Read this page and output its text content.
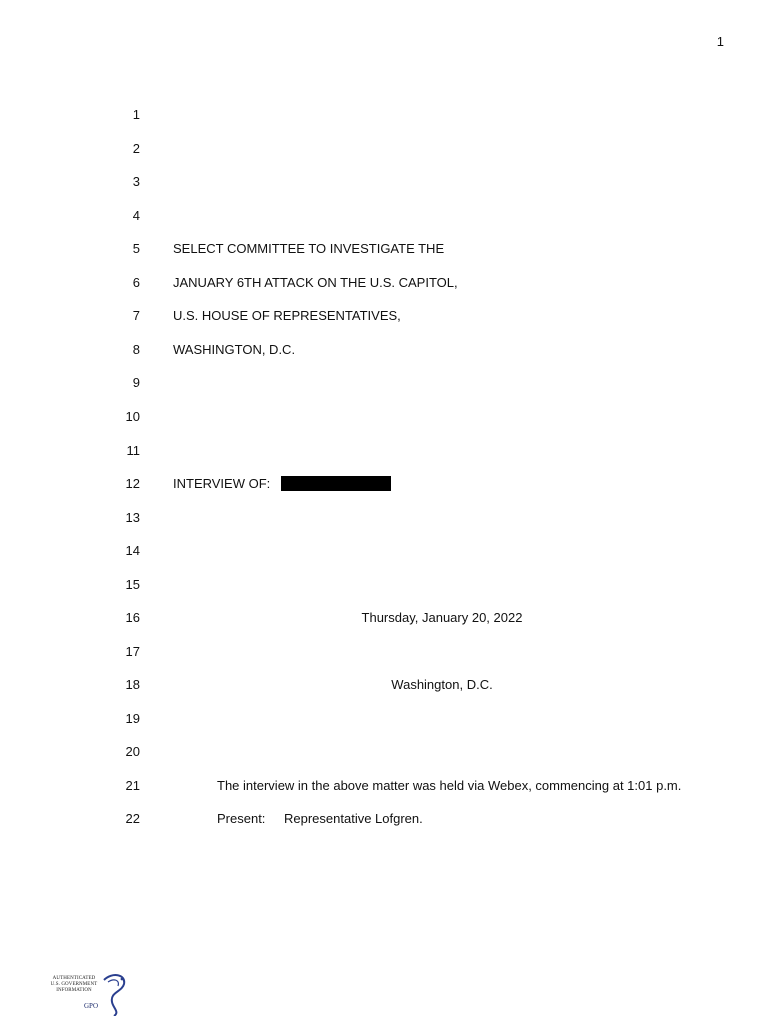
1
1
2
3
4
5	SELECT COMMITTEE TO INVESTIGATE THE
6	JANUARY 6TH ATTACK ON THE U.S. CAPITOL,
7	U.S. HOUSE OF REPRESENTATIVES,
8	WASHINGTON, D.C.
9
10
11
12	INTERVIEW OF:
13
14
15
16	Thursday, January 20, 2022
17
18	Washington, D.C.
19
20
21	The interview in the above matter was held via Webex, commencing at 1:01 p.m.
22	Present: Representative Lofgren.
AUTHENTICATED
U.S. GOVERNMENT
INFORMATION
GPO
